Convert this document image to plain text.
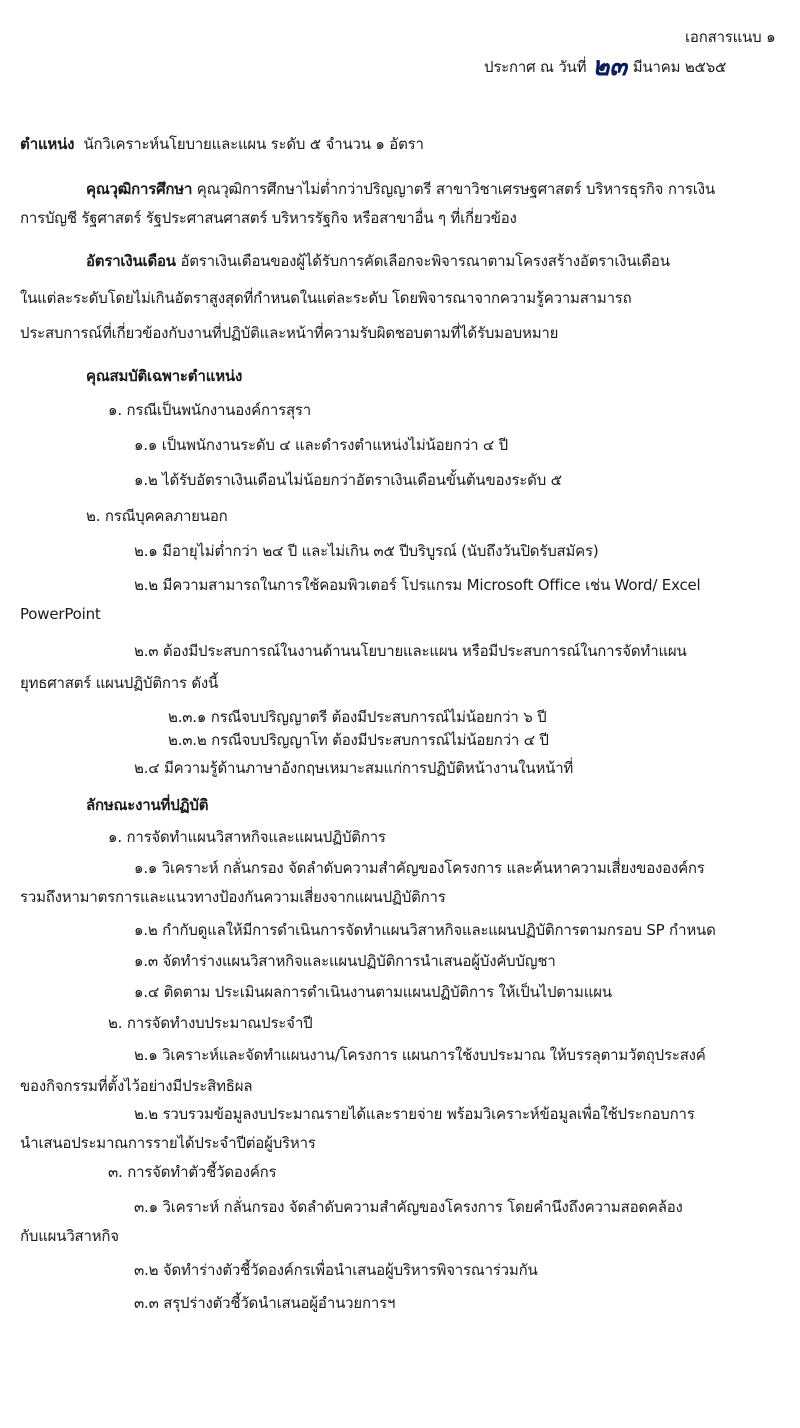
เอกสารแนบ ๑
ประกาศ ณ วันที่ ๒๓ มีนาคม ๒๕๖๕
ตำแหน่ง นักวิเคราะห์นโยบายและแผน ระดับ ๕ จำนวน ๑ อัตรา
คุณวุฒิการศึกษา คุณวุฒิการศึกษาไม่ต่ำกว่าปริญญาตรี สาขาวิชาเศรษฐศาสตร์ บริหารธุรกิจ การเงิน
การบัญชี รัฐศาสตร์ รัฐประศาสนศาสตร์ บริหารรัฐกิจ หรือสาขาอื่น ๆ ที่เกี่ยวข้อง
อัตราเงินเดือน อัตราเงินเดือนของผู้ได้รับการคัดเลือกจะพิจารณาตามโครงสร้างอัตราเงินเดือน
ในแต่ละระดับโดยไม่เกินอัตราสูงสุดที่กำหนดในแต่ละระดับ โดยพิจารณาจากความรู้ความสามารถ
ประสบการณ์ที่เกี่ยวข้องกับงานที่ปฏิบัติและหน้าที่ความรับผิดชอบตามที่ได้รับมอบหมาย
คุณสมบัติเฉพาะตำแหน่ง
๑. กรณีเป็นพนักงานองค์การสุรา
๑.๑ เป็นพนักงานระดับ ๔ และดำรงตำแหน่งไม่น้อยกว่า ๔ ปี
๑.๒ ได้รับอัตราเงินเดือนไม่น้อยกว่าอัตราเงินเดือนขั้นต้นของระดับ ๕
๒. กรณีบุคคลภายนอก
๒.๑ มีอายุไม่ต่ำกว่า ๒๔ ปี และไม่เกิน ๓๕ ปีบริบูรณ์ (นับถึงวันปิดรับสมัคร)
๒.๒ มีความสามารถในการใช้คอมพิวเตอร์ โปรแกรม Microsoft Office เช่น Word/ Excel
PowerPoint
๒.๓ ต้องมีประสบการณ์ในงานด้านนโยบายและแผน หรือมีประสบการณ์ในการจัดทำแผน
ยุทธศาสตร์ แผนปฏิบัติการ ดังนี้
๒.๓.๑ กรณีจบปริญญาตรี ต้องมีประสบการณ์ไม่น้อยกว่า ๖ ปี
๒.๓.๒ กรณีจบปริญญาโท ต้องมีประสบการณ์ไม่น้อยกว่า ๔ ปี
๒.๔ มีความรู้ด้านภาษาอังกฤษเหมาะสมแก่การปฏิบัติหน้างานในหน้าที่
ลักษณะงานที่ปฏิบัติ
๑. การจัดทำแผนวิสาหกิจและแผนปฏิบัติการ
๑.๑ วิเคราะห์ กลั่นกรอง จัดลำดับความสำคัญของโครงการ และค้นหาความเสี่ยงขององค์กร
รวมถึงหามาตรการและแนวทางป้องกันความเสี่ยงจากแผนปฏิบัติการ
๑.๒ กำกับดูแลให้มีการดำเนินการจัดทำแผนวิสาหกิจและแผนปฏิบัติการตามกรอบ SP กำหนด
๑.๓ จัดทำร่างแผนวิสาหกิจและแผนปฏิบัติการนำเสนอผู้บังคับบัญชา
๑.๔ ติดตาม ประเมินผลการดำเนินงานตามแผนปฏิบัติการ ให้เป็นไปตามแผน
๒. การจัดทำงบประมาณประจำปี
๒.๑ วิเคราะห์และจัดทำแผนงาน/โครงการ แผนการใช้งบประมาณ ให้บรรลุตามวัตถุประสงค์
ของกิจกรรมที่ตั้งไว้อย่างมีประสิทธิผล
๒.๒ รวบรวมข้อมูลงบประมาณรายได้และรายจ่าย พร้อมวิเคราะห์ข้อมูลเพื่อใช้ประกอบการ
นำเสนอประมาณการรายได้ประจำปีต่อผู้บริหาร
๓. การจัดทำตัวชี้วัดองค์กร
๓.๑ วิเคราะห์ กลั่นกรอง จัดลำดับความสำคัญของโครงการ โดยคำนึงถึงความสอดคล้อง
กับแผนวิสาหกิจ
๓.๒ จัดทำร่างตัวชี้วัดองค์กรเพื่อนำเสนอผู้บริหารพิจารณาร่วมกัน
๓.๓ สรุปร่างตัวชี้วัดนำเสนอผู้อำนวยการฯ
